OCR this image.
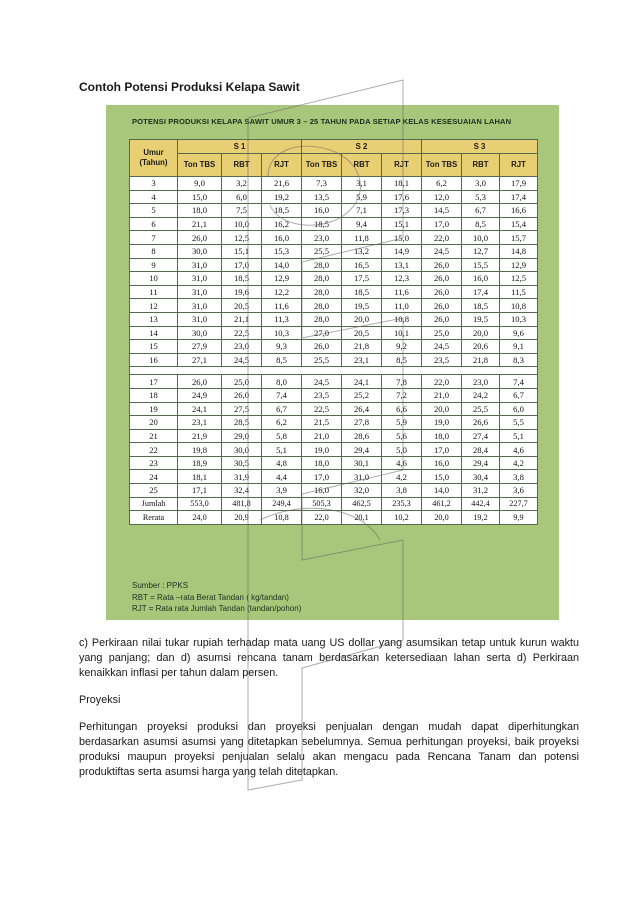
Contoh Potensi Produksi Kelapa Sawit
POTENSI PRODUKSI KELAPA SAWIT UMUR 3 – 25 TAHUN PADA SETIAP KELAS KESESUAIAN LAHAN
Umur (Tahun)	S 1			S 2			S 3		
	Ton TBS	RBT	RJT	Ton TBS	RBT	RJT	Ton TBS	RBT	RJT
3	9,0	3,2	21,6	7,3	3,1	18,1	6,2	3,0	17,9
4	15,0	6,0	19,2	13,5	5,9	17,6	12,0	5,3	17,4
5	18,0	7,5	18,5	16,0	7,1	17,3	14,5	6,7	16,6
6	21,1	10,0	16,2	18,5	9,4	15,1	17,0	8,5	15,4
7	26,0	12,5	16,0	23,0	11,8	15,0	22,0	10,0	15,7
8	30,0	15,1	15,3	25,5	13,2	14,9	24,5	12,7	14,8
9	31,0	17,0	14,0	28,0	16,5	13,1	26,0	15,5	12,9
10	31,0	18,5	12,9	28,0	17,5	12,3	26,0	16,0	12,5
11	31,0	19,6	12,2	28,0	18,5	11,6	26,0	17,4	11,5
12	31,0	20,5	11,6	28,0	19,5	11,0	26,0	18,5	10,8
13	31,0	21,1	11,3	28,0	20,0	10,8	26,0	19,5	10,3
14	30,0	22,5	10,3	27,0	20,5	10,1	25,0	20,0	9,6
15	27,9	23,0	9,3	26,0	21,8	9,2	24,5	20,6	9,1
16	27,1	24,5	8,5	25,5	23,1	8,5	23,5	21,8	8,3

17	26,0	25,0	8,0	24,5	24,1	7,8	22,0	23,0	7,4
18	24,9	26,0	7,4	23,5	25,2	7,2	21,0	24,2	6,7
19	24,1	27,5	6,7	22,5	26,4	6,6	20,0	25,5	6,0
20	23,1	28,5	6,2	21,5	27,8	5,9	19,0	26,6	5,5
21	21,9	29,0	5,8	21,0	28,6	5,6	18,0	27,4	5,1
22	19,8	30,0	5,1	19,0	29,4	5,0	17,0	28,4	4,6
23	18,9	30,5	4,8	18,0	30,1	4,6	16,0	29,4	4,2
24	18,1	31,9	4,4	17,0	31,0	4,2	15,0	30,4	3,8
25	17,1	32,4	3,9	16,0	32,0	3,8	14,0	31,2	3,6
Jumlah	553,0	481,8	249,4	505,3	462,5	235,3	461,2	442,4	227,7
Rerata	24,0	20,9	10,8	22,0	20,1	10,2	20,0	19,2	9,9
Sumber : PPKS
RBT = Rata –rata Berat Tandan ( kg/tandan)
RJT = Rata rata Jumlah Tandan (tandan/pohon)
c) Perkiraan nilai tukar rupiah terhadap mata uang US dollar yang asumsikan tetap untuk kurun waktu yang panjang; dan d) asumsi rencana tanam berdasarkan ketersediaan lahan serta d) Perkiraan kenaikkan inflasi per tahun dalam persen.
Proyeksi
Perhitungan proyeksi produksi dan proyeksi penjualan dengan mudah dapat diperhitungkan berdasarkan asumsi asumsi yang ditetapkan sebelumnya. Semua perhitungan proyeksi, baik proyeksi produksi maupun proyeksi penjualan selalu akan mengacu pada Rencana Tanam dan potensi produktiftas serta asumsi harga yang telah ditetapkan.
